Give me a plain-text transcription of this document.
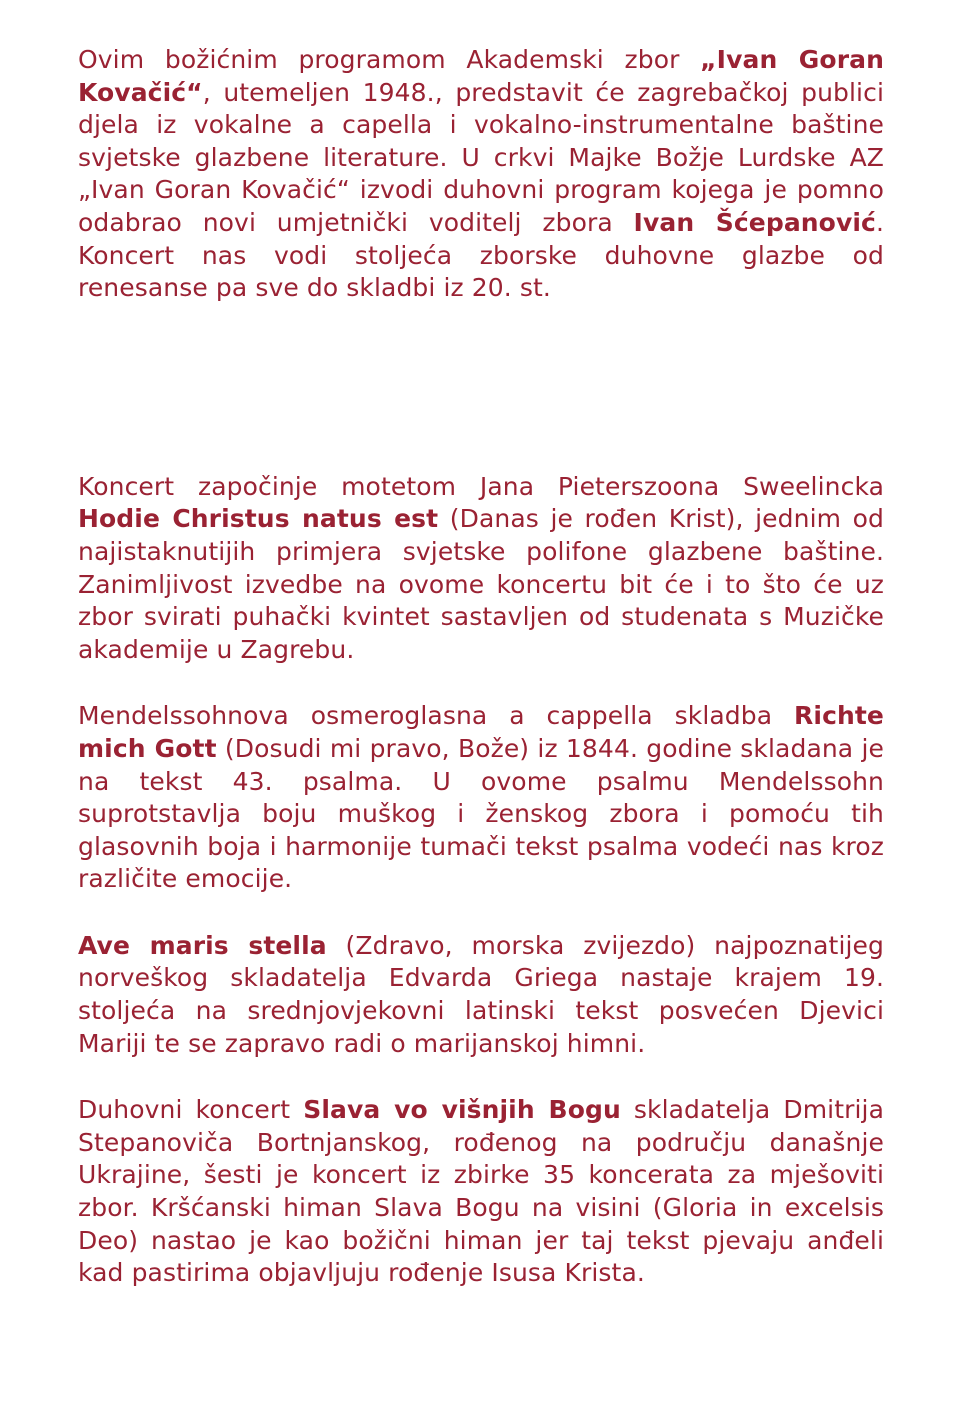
Ovim božićnim programom Akademski zbor „Ivan Goran Kovačić“, utemeljen 1948., predstavit će zagrebačkoj publici djela iz vokalne a capella i vokalno-instrumentalne baštine svjetske glazbene literature. U crkvi Majke Božje Lurdske AZ „Ivan Goran Kovačić“ izvodi duhovni program kojega je pomno odabrao novi umjetnički voditelj zbora Ivan Šćepanović. Koncert nas vodi stoljeća zborske duhovne glazbe od renesanse pa sve do skladbi iz 20. st.

Koncert započinje motetom Jana Pieterszoona Sweelincka Hodie Christus natus est (Danas je rođen Krist), jednim od najistaknutijih primjera svjetske polifone glazbene baštine. Zanimljivost izvedbe na ovome koncertu bit će i to što će uz zbor svirati puhački kvintet sastavljen od studenata s Muzičke akademije u Zagrebu.

Mendelssohnova osmeroglasna a cappella skladba Richte mich Gott (Dosudi mi pravo, Bože) iz 1844. godine skladana je na tekst 43. psalma. U ovome psalmu Mendelssohn suprotstavlja boju muškog i ženskog zbora i pomoću tih glasovnih boja i harmonije tumači tekst psalma vodeći nas kroz različite emocije.

Ave maris stella (Zdravo, morska zvijezdo) najpoznatijeg norveškog skladatelja Edvarda Griega nastaje krajem 19. stoljeća na srednjovjekovni latinski tekst posvećen Djevici Mariji te se zapravo radi o marijanskoj himni.

Duhovni koncert Slava vo višnjih Bogu skladatelja Dmitrija Stepanoviča Bortnjanskog, rođenog na području današnje Ukrajine, šesti je koncert iz zbirke 35 koncerata za mješoviti zbor. Kršćanski himan Slava Bogu na visini (Gloria in excelsis Deo) nastao je kao božični himan jer taj tekst pjevaju anđeli kad pastirima objavljuju rođenje Isusa Krista.
